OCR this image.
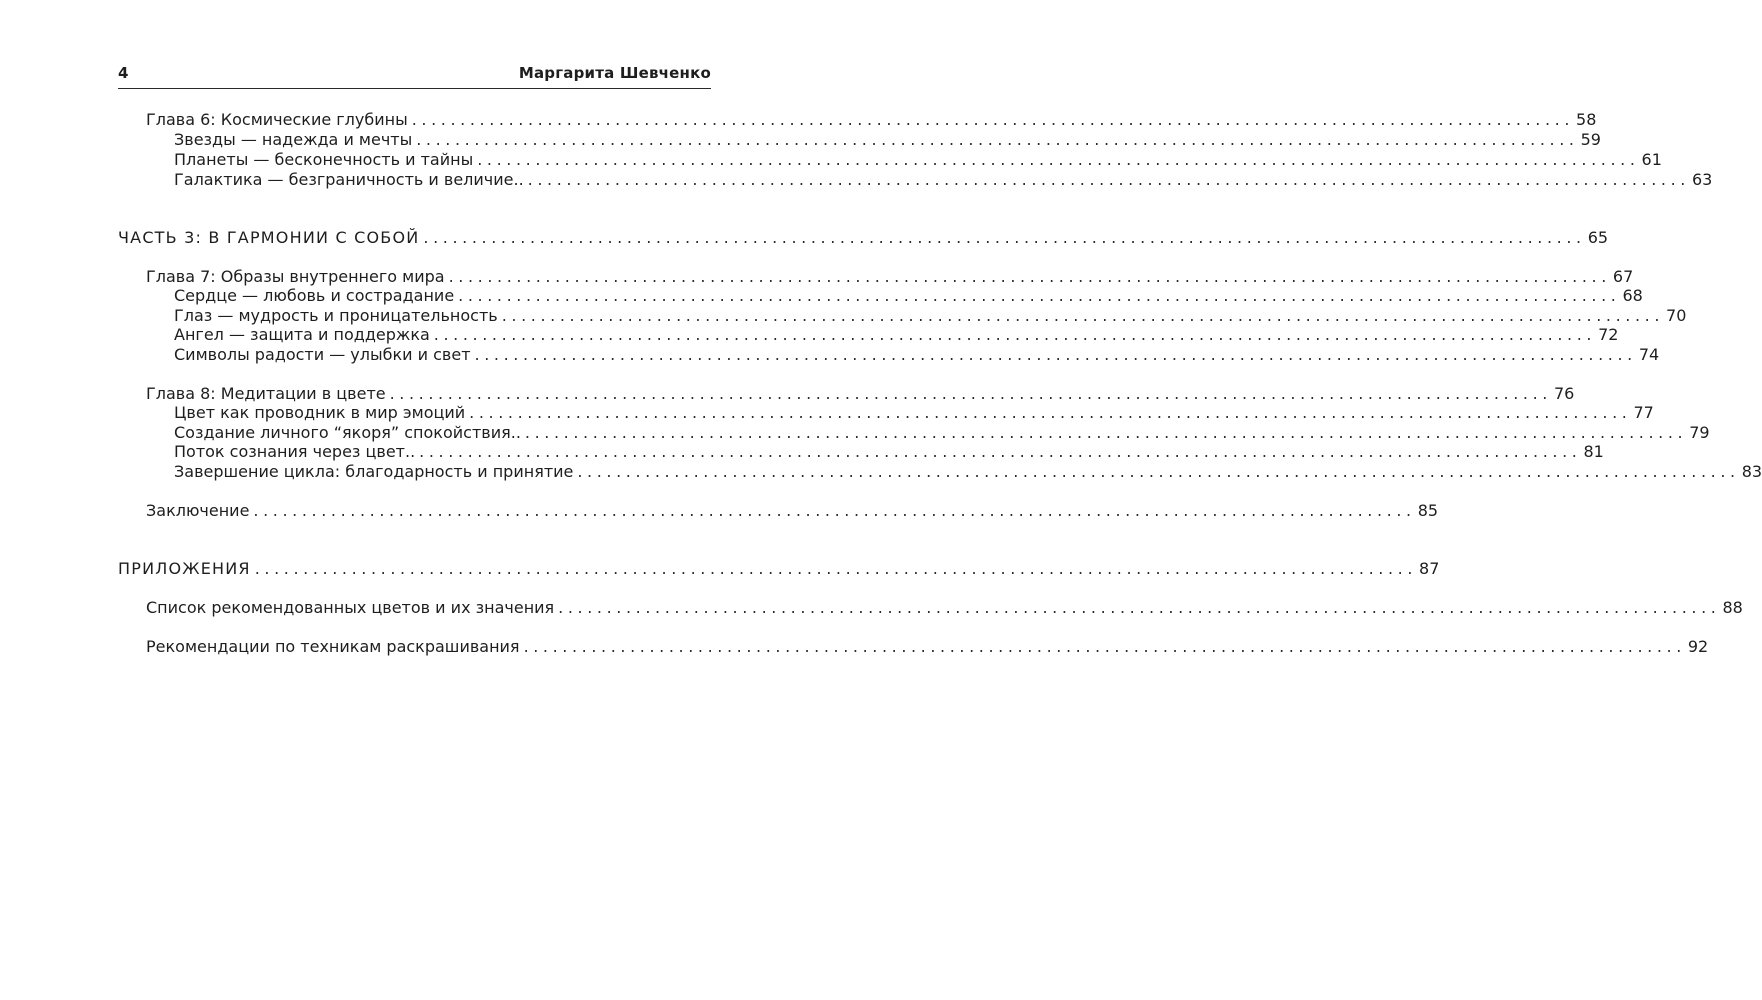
4	Маргарита Шевченко
Глава 6: Космические глубины ........................................................................................................................ 58
Звезды — надежда и мечты ........................................................................................................................ 59
Планеты — бесконечность и тайны ........................................................................................................................ 61
Галактика — безграничность и величие.. ........................................................................................................................ 63
ЧАСТЬ 3: В ГАРМОНИИ С СОБОЙ ........................................................................................................................ 65
Глава 7: Образы внутреннего мира ........................................................................................................................ 67
Сердце — любовь и сострадание ........................................................................................................................ 68
Глаз — мудрость и проницательность ........................................................................................................................ 70
Ангел — защита и поддержка ........................................................................................................................ 72
Символы радости — улыбки и свет ........................................................................................................................ 74
Глава 8: Медитации в цвете ........................................................................................................................ 76
Цвет как проводник в мир эмоций ........................................................................................................................ 77
Создание личного “якоря” спокойствия.. ........................................................................................................................ 79
Поток сознания через цвет.. ........................................................................................................................ 81
Завершение цикла: благодарность и принятие ........................................................................................................................ 83
Заключение ........................................................................................................................ 85
ПРИЛОЖЕНИЯ ........................................................................................................................ 87
Список рекомендованных цветов и их значения ........................................................................................................................ 88
Рекомендации по техникам раскрашивания ........................................................................................................................ 92
